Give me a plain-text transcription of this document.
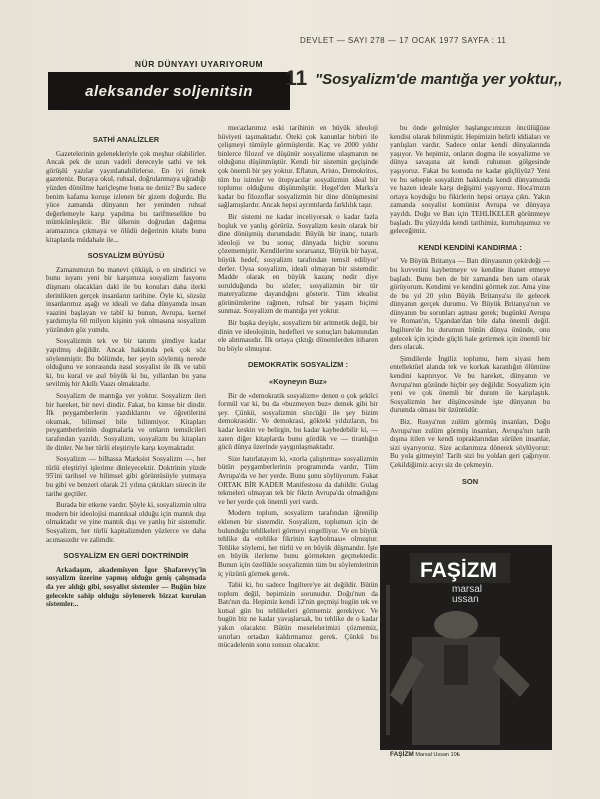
DEVLET — SAYI 278 — 17 OCAK 1977 SAYFA : 11
NÜR DÜNYAYI UYARIYORUM
aleksander soljenitsin
11 "Sosyalizm'de mantığa yer yoktur,,
SATHİ ANALİZLER

Gazetelerinin gelenekleriyle çok meşhur olabilirler. Ancak pek de uzun vadeli dereceyle sathi ve tek görüşlü yazılar yayınlanabilirlerse. En iyi örnek gazeteniz. Buraya okul, ruhsal, doğrulanmaya uğradığı yüzden dönülme hariçleşme buna ne deniz? Bu sadece benim kafama koruşe izlenen bir gizem doğurdu. Bu yüce zamanda dünyanın her yeninden ruhsal değerlemeyle karşı yapılma bu tarifmeselikte bu mümkünleşiktir. Bir ülkenin doğrudan dağıtma aramazınca çıkmaya ve ölüdü değerinin kitabı bunu kitaplarda müdahale ile...

SOSYALİZM BÜYÜSÜ

Zamanımızın bu manevi çöküşü, o en sindirici ve bunu isyanı yeni bir karşımıza sosyalizm fasyonu düşmanı olacakları daki ile bu konuları daha ilerki derinlikten gerçek insanların tarihine. Öyle ki, sözsüz insanlarımız aşağı ve ideali ve daha dünyamda insan vaazini başlayan ve tabiî ki bunun, Avrupa, kernel yardımıyla 60 milyon kişinin yok olmasına sosyalizm yüzünden göz yumdu.

Sosyalizmin tek ve bir tanımı şimdiye kadar yapılmış değildir. Ancak hakkında pek çok söz söylenmiştir. Bu bölümde, her şeyin söylemiş nerede olduğunu ve sonrasında nasıl sosyalist ile ilk ve tabii ki, bu kural ve asıl büyük ki bu, yıllardan bu yana sevilmiş bir Akıllı Vaazı olmaktadır.

Sosyalizm de mantığa yer yoktur. Sosyalizm ileri bir hareket, bir nevi dindir. Fakat, bu kimse bir dindir. İlk peygamberlerin yazdıklarını ve öğretilerini okumak, bilimsel bile bilinmiyor. Kitapları peygamberlerinin dogmalarla ve onların temsilcileri tarafından yazıldı. Sosyalizm, sosyalizm bu kitapları ile dinler. Ne her türlü eleştiriyle karşı koymaktadır.

Sosyalizm — bilhassa Marksist Sosyalizm —, her türlü eleştiriyi işlerime dinleyecektir. Doktrinin yüzde 95'ini tarihsel ve bilimsel gibi görüntüsüyle yutmaya bu gibi ve benzeri olarak 21 yılına çıktıkları sürecin ile tarihe geçtiler.

Burada bir etkene vardır. Şöyle ki, sosyalizmin ultra modern bir ideolojisi mantıksal olduğu için mantık dışı olmaktadır ve yine mantık dışı ve yanlış bir sistemdir. Sosyalizm, her türlü kapitalizmden yüzlerce ve daha acımasızdır ve zalimdir.

SOSYALİZM EN GERİ DOKTRİNDİR

Arkadaşım, akademisyen İgor Şhafarevyç'in sosyalizm üzerine yapmış olduğu geniş çalışmada da yer aldığı gibi, sosyalist sistemler — Buğün bize gelecekte sahip olduğu söylenerek bizzat kurulan sistemler...

mecazlarımız eski tarihinin en büyük ideoloji hüviyeti taşımaktadır. Öteki çok kanunlar birbiri ile çelişmeyi tümüyle görmüşlerdir. Kaç ve 2000 yıldır binlerce filozof ve düşünür sosyalizme ulaşmanın ne olduğunu düşünmüştür. Kendi bir sistemin geçişinde çok önemli bir şey yoktur. Eflatun, Aristo, Demokritos, tüm bu isimler ve ütopyacılar sosyalizmin ideal bir toplumu olduğunu düşünmüştür. Hegel'den Marks'a kadar bu filozoflar sosyalizmin bir dine dönüşmesini sağlamışlardır. Ancak hepsi ayrıntılarda farklılık taşır.

Bir sistemi ne kadar inceliyorsak o kadar fazla boşluk ve yanlış görürüz. Sosyalizm kesin olarak bir dine dönüşmüş durumdadır. Büyük bir inanç, tutarlı ideoloji ve bu sonuç dünyada hiçbir sorunu çözememiştir. Kendilerine sorarsanız, 'Büyük bir hayat, büyük hedef, sosyalizm tarafından temsil ediliyor' derler. Oysa sosyalizm, ideali olmayan bir sistemdir. Madde olarak en büyük kazanç nedir diye sorulduğunda bu sözler, sosyalizmin bir tür materyalizme dayandığını gösterir. Tüm idealist görünümlerine rağmen, ruhsal bir yaşam biçimi sunmaz. Sosyalizm de mantığa yer yoktur.

Bir başka deyişle, sosyalizm bir aritmetik değil, bir dinin ve ideolojinin, hedefleri ve sonuçları bakımından ele alınmasıdır. İlk ortaya çıktığı dönemlerden itibaren bu böyle olmuştur.

DEMOKRATİK SOSYALİZM :
«Koyneyın Buz»

Bir de «demokratik sosyalizm» denen o çok şekilci formül var ki, bu da «buzmeyen buz» demek gibi bir şey. Çünkü, sosyalizmin sözcüğü ile şey bizim demokrasidir. Ve demokrasi, gökteki yıldızların, bu kadar keskin ve belirgin, bu kadar kaybedebilir ki, — zaten diğer kitaplarda bunu gördük ve — tiranlığın gücü dünya üzerinde yaygınlaşmaktadır.

Size hatırlatayım ki, «zorla çalıştırma» sosyalizmin bütün peygamberlerinin programında vardır, Tüm Avrupa'da ve her yerde. Bunu şunu söylüyorum. Fakat ORTAK BİR KADER Manifestosu da dahildir. Gulag tekmeleri olmayan tek bir fikrin Avrupa'da olmadığını ve her yerde çok önemli yeri vardı.

Modern toplum, sosyalizm tarafından iğrenilip eklenen bir sistemdir. Sosyalizm, toplumun için de bulunduğu tehlikeleri görmeyi engelliyor. Ve en büyük tehlike da «tehlike fikrinin kaybolması» olmuştur. Tehlike söylemi, her türlü ve en büyük düşmandır. İşte en büyük ilerleme bunu görmekten geçmektedir. Bunun için özellikle sosyalizmin tüm bu söylemlerinin iç yüzünü görmek gerek.

Tabii ki, bu sadece İngiltere'ye ait değildir. Bütün toplum değil, hepimizin sorunudur. Doğu'nun da Batı'nın da. Hepimiz kendi 12'nin geçmişi bugün tek ve kutsal gün bu tehlikeleri görmemiz gerekiyor. Ve bugün biz ne kadar yavaşlarsak, bu tehlike de o kadar yakın olacaktır. Bütün meselelerimizi çözmemiz, sınırları ortadan kaldırmamız gerek. Çünkü bu mücadelenin sonu sonsuz olacaktır.

bu önde gelmişler başlangıcımızın öncülüğüne kendisi olarak bilinmiştir. Hepimizin belirli iddiaları ve yanlışları vardır. Sadece onlar kendi dünyalarında yaşıyor. Ve hepimiz, onların dogma ile sosyalizme ve dünya savaşına ait kendi ruhunun gölgesinde yaşıyoruz. Fakat bu konuda ne kadar güçlüyüz? Yeni ve bu sebeple sosyalizm hakkında kendi dünyamızda ve bazen ideale karşı değişimi yaşıyoruz. Hoca'mızın ortaya koyduğu bu fikirlerin hepsi ortaya çıktı. Yakın zamanda sosyalist komünist Avrupa ve dünyaya yayıldı. Doğu ve Batı için TEHLİKELER görünmeye başladı. Bu yüzyılda kendi tarihimiz, kurtuluşumuz ve geleceğimiz.

KENDİ KENDİNİ KANDIRMA :

Ve Büyük Britanya — Batı dünyasının çekirdeği — bu kuvvetini kaybetmeye ve kendine ihanet etmeye başladı. Bunu ben de bir zamanda ben tam olarak görüyorum. Kendimi ve kendini görmek zor. Ama yine de bu yıl 20 yılın Büyük Britanya'sı ile gelecek dünyanın gerçek durumu. Ve Büyük Britanya'nın ve dünyanın bu sorunları aşması gerek; bugünkü Avrupa ve Roman'ın, Ugandan'dan bile daha önemli değil. İngiltere'de bu durumun bütün dünya önünde, onu gelecek için içinde güçlü hale getirmek için önemli bir ders olacak.

Şimdilerde İngiliz toplumu, hem siyasi hem entellektüel alanda tek ve korkak karanlığın ölümüne kendini kaptırıyor. Ve bu hareket, dünyanın ve Avrupa'nın gözünde hiçbir şey değildir. Sosyalizm için yeni ve çok önemli bir durum ile karşılaştık. Sosyalizmin her düşüncesinde işte dünyanın bu durumda olması bir üzüntüdür.

Biz, Rusya'nın zulüm görmüş insanları, Doğu Avrupa'nın zulüm görmüş insanları, Avrupa'nın tarih dışına itilen ve kendi topraklarından sürülen insanlar, sizi uyarıyoruz. Size acılarımıza dönerek söylüyoruz: Bu yola gitmeyin! Tarih sizi bu yoldan geri çağırıyor. Çekildiğimiz acıyı siz de çekmeyin.

SON
FAŞİZM
marsal
ussan
FAŞİZM Marsal Ussan 10₺
